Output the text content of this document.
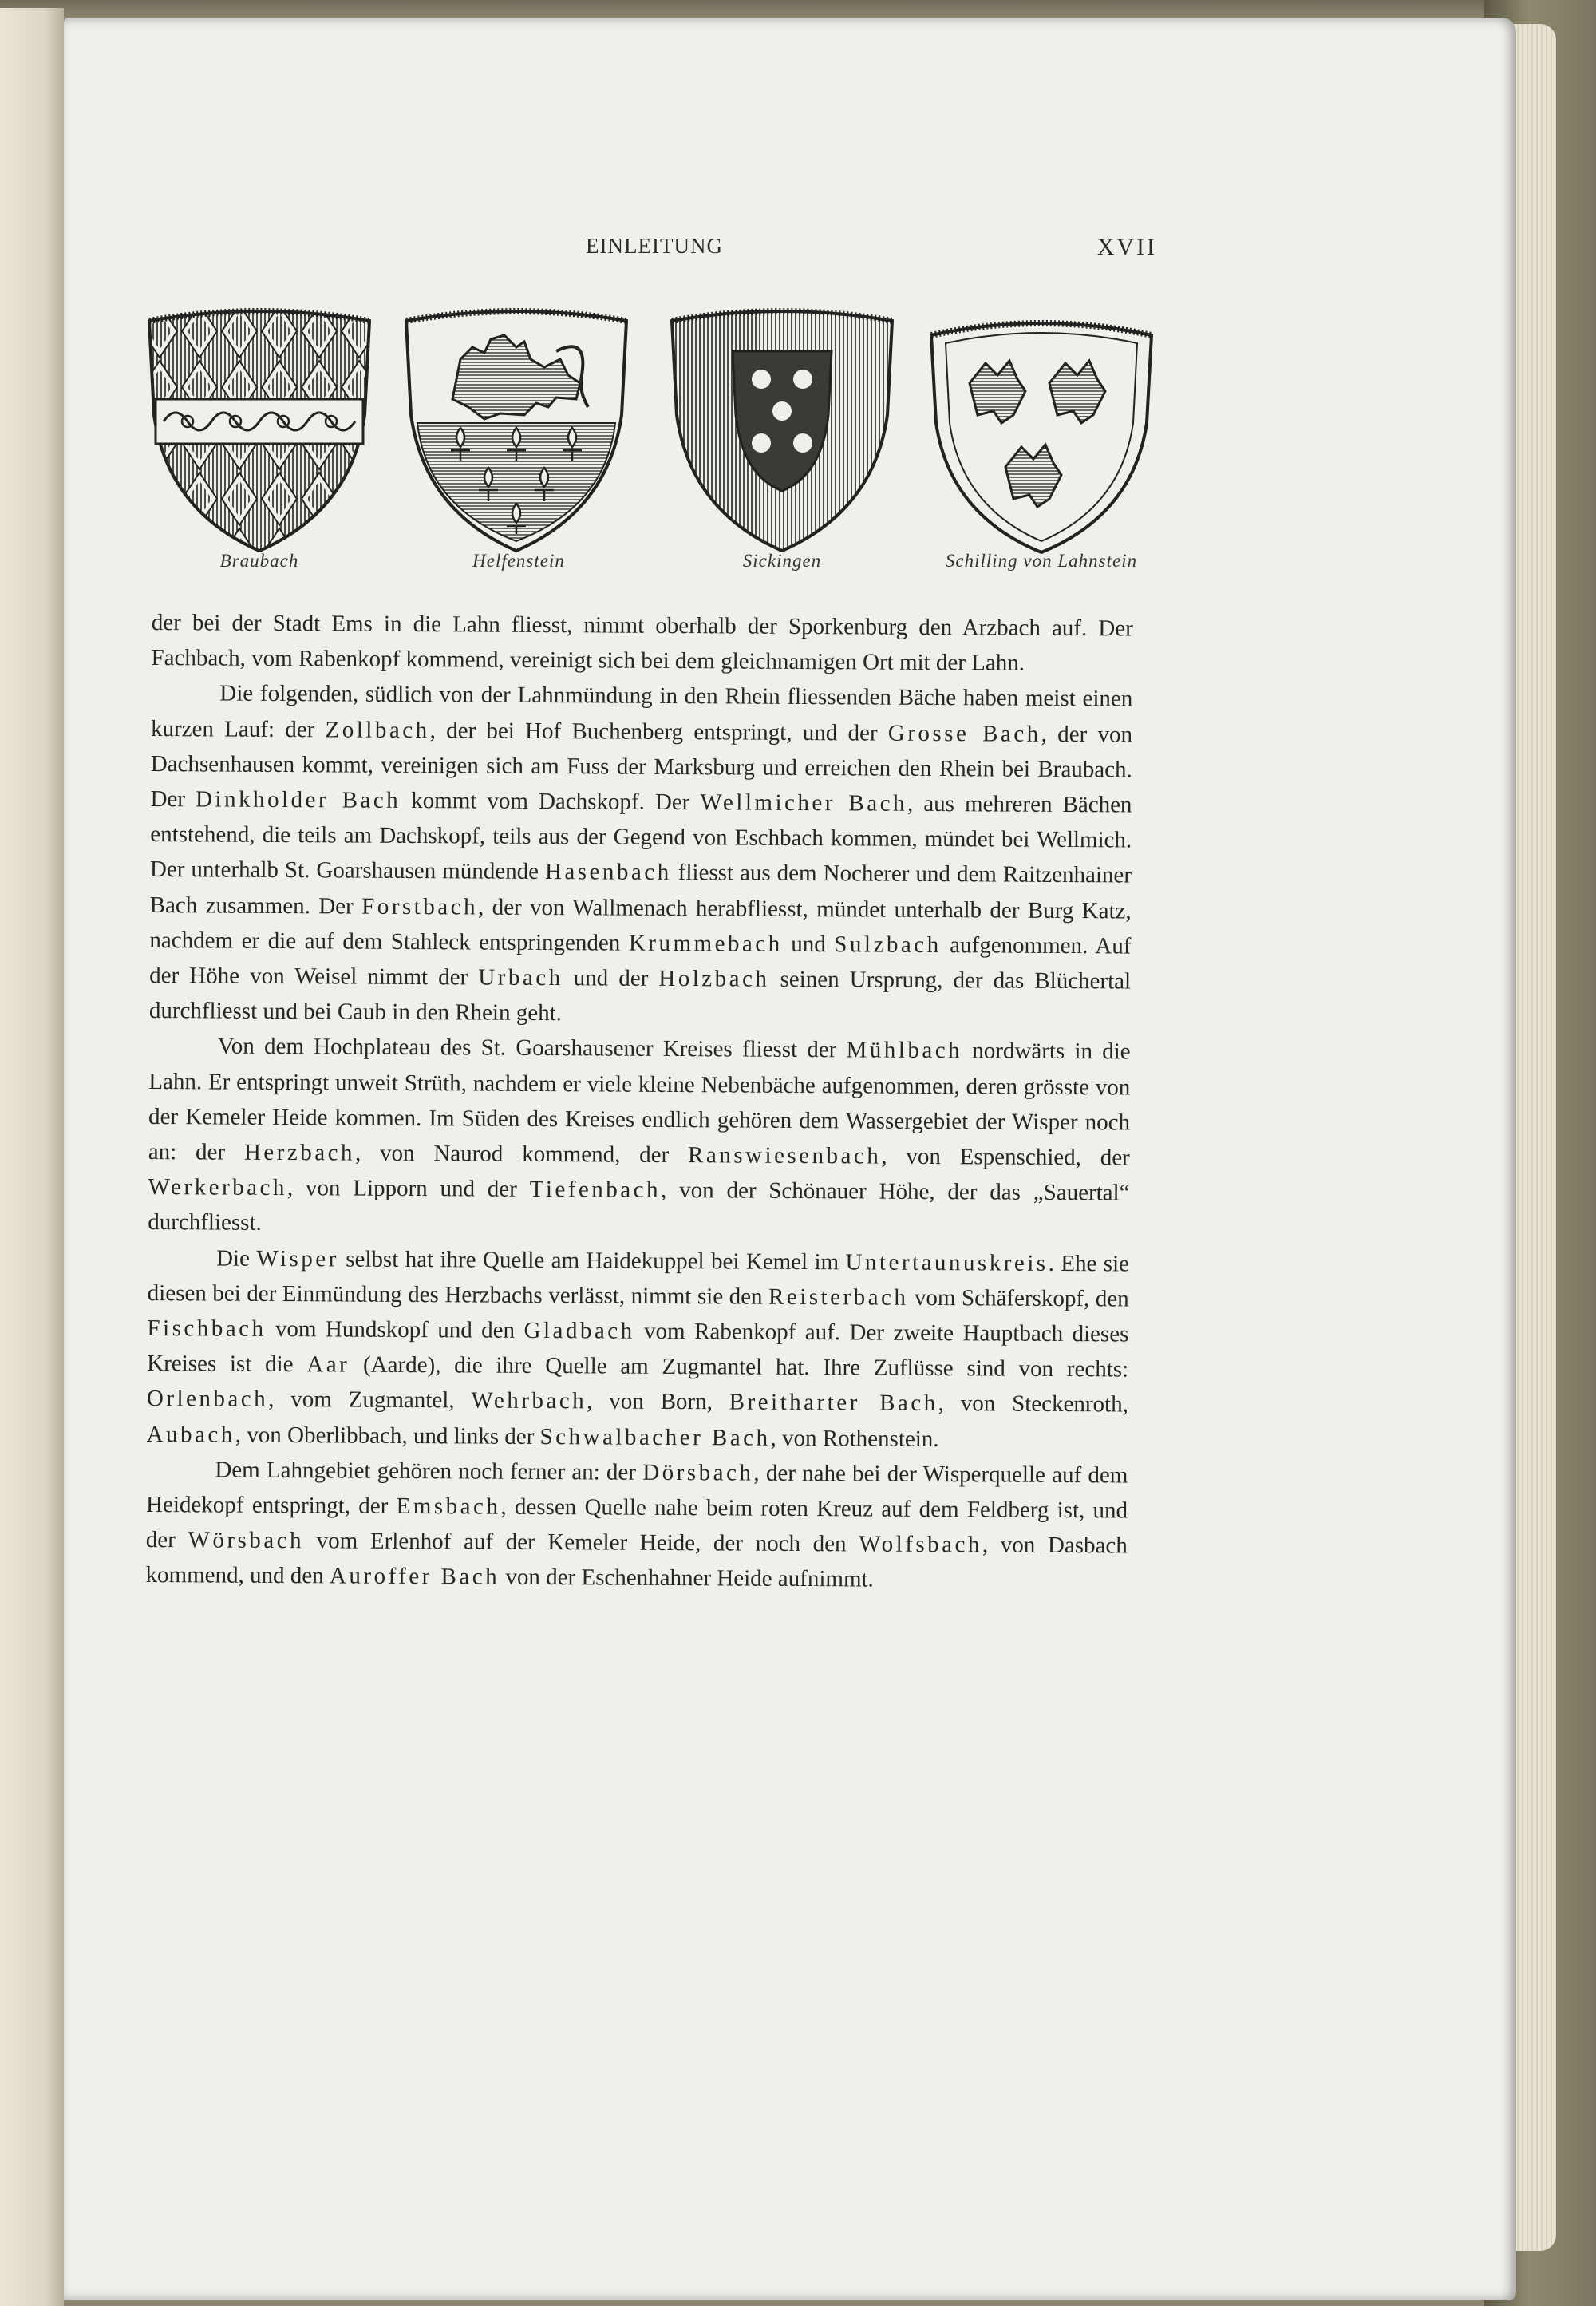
EINLEITUNG	XVII
Braubach	Helfenstein	Sickingen	Schilling von Lahnstein

der bei der Stadt Ems in die Lahn fliesst, nimmt oberhalb der Sporkenburg den Arzbach auf. Der Fachbach, vom Rabenkopf kommend, vereinigt sich bei dem gleichnamigen Ort mit der Lahn.

Die folgenden, südlich von der Lahnmündung in den Rhein fliessenden Bäche haben meist einen kurzen Lauf: der Zollbach, der bei Hof Buchenberg entspringt, und der Grosse Bach, der von Dachsenhausen kommt, vereinigen sich am Fuss der Marksburg und erreichen den Rhein bei Braubach. Der Dinkholder Bach kommt vom Dachskopf. Der Wellmicher Bach, aus mehreren Bächen entstehend, die teils am Dachskopf, teils aus der Gegend von Eschbach kommen, mündet bei Wellmich. Der unterhalb St. Goarshausen mündende Hasenbach fliesst aus dem Nocherer und dem Raitzenhainer Bach zusammen. Der Forstbach, der von Wallmenach herabfliesst, mündet unterhalb der Burg Katz, nachdem er die auf dem Stahleck entspringenden Krummebach und Sulzbach aufgenommen. Auf der Höhe von Weisel nimmt der Urbach und der Holzbach seinen Ursprung, der das Blüchertal durchfliesst und bei Caub in den Rhein geht.

Von dem Hochplateau des St. Goarshausener Kreises fliesst der Mühlbach nordwärts in die Lahn. Er entspringt unweit Strüth, nachdem er viele kleine Nebenbäche aufgenommen, deren grösste von der Kemeler Heide kommen. Im Süden des Kreises endlich gehören dem Wassergebiet der Wisper noch an: der Herzbach, von Naurod kommend, der Ranswiesenbach, von Espenschied, der Werkerbach, von Lipporn und der Tiefenbach, von der Schönauer Höhe, der das „Sauertal“ durchfliesst.

Die Wisper selbst hat ihre Quelle am Haidekuppel bei Kemel im Untertaunuskreis. Ehe sie diesen bei der Einmündung des Herzbachs verlässt, nimmt sie den Reisterbach vom Schäferskopf, den Fischbach vom Hundskopf und den Gladbach vom Rabenkopf auf. Der zweite Hauptbach dieses Kreises ist die Aar (Aarde), die ihre Quelle am Zugmantel hat. Ihre Zuflüsse sind von rechts: Orlenbach, vom Zugmantel, Wehrbach, von Born, Breitharter Bach, von Steckenroth, Aubach, von Oberlibbach, und links der Schwalbacher Bach, von Rothenstein.

Dem Lahngebiet gehören noch ferner an: der Dörsbach, der nahe bei der Wisperquelle auf dem Heidekopf entspringt, der Emsbach, dessen Quelle nahe beim roten Kreuz auf dem Feldberg ist, und der Wörsbach vom Erlenhof auf der Kemeler Heide, der noch den Wolfsbach, von Dasbach kommend, und den Auroffer Bach von der Eschenhahner Heide aufnimmt.
